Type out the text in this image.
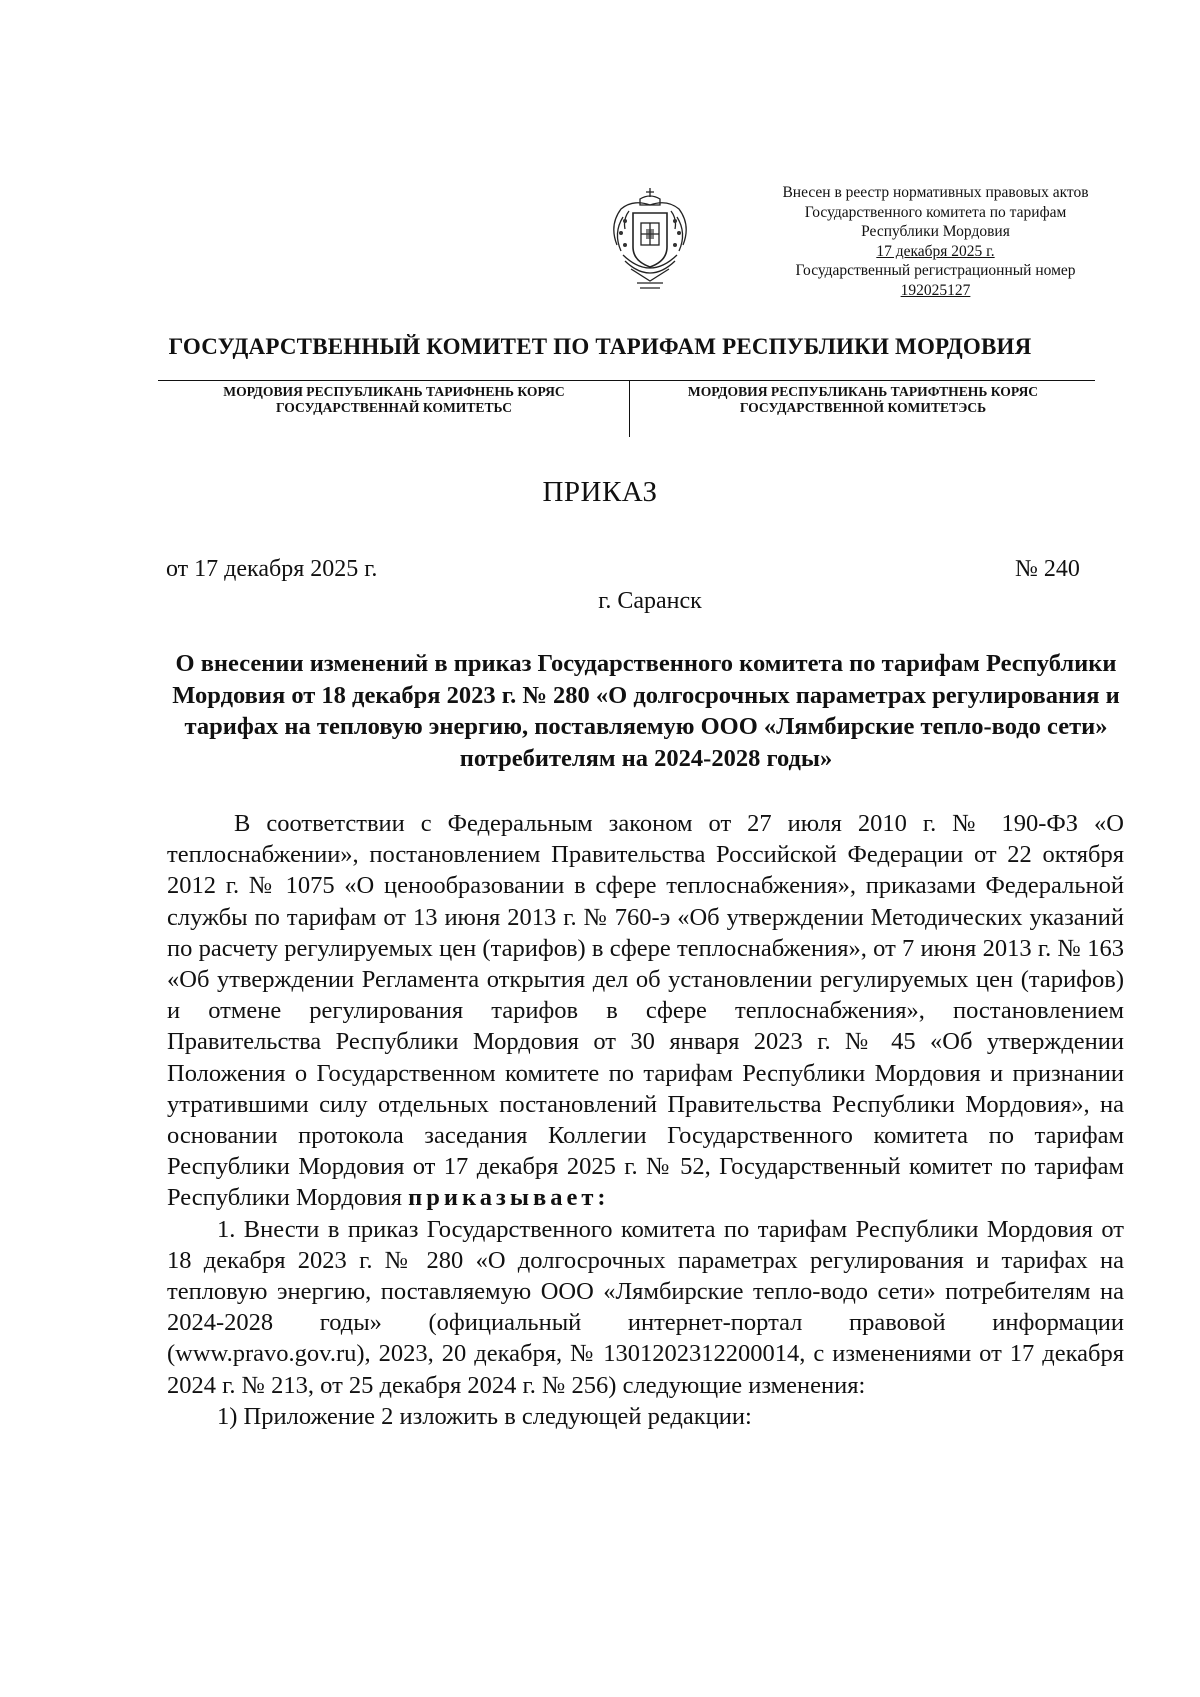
Внесен в реестр нормативных правовых актов
Государственного комитета по тарифам
Республики Мордовия
17 декабря 2025 г.
Государственный регистрационный номер
192025127
ГОСУДАРСТВЕННЫЙ КОМИТЕТ ПО ТАРИФАМ РЕСПУБЛИКИ МОРДОВИЯ
МОРДОВИЯ РЕСПУБЛИКАНЬ ТАРИФНЕНЬ КОРЯС
ГОСУДАРСТВЕННАЙ КОМИТЕТЬС
МОРДОВИЯ РЕСПУБЛИКАНЬ ТАРИФТНЕНЬ КОРЯС
ГОСУДАРСТВЕННОЙ КОМИТЕТЭСЬ
ПРИКАЗ
от 17 декабря 2025 г.	№ 240
г. Саранск
О внесении изменений в приказ Государственного комитета по тарифам Республики Мордовия от 18 декабря 2023 г. № 280 «О долгосрочных параметрах регулирования и тарифах на тепловую энергию, поставляемую ООО «Лямбирские тепло-водо сети» потребителям на 2024-2028 годы»

В соответствии с Федеральным законом от 27 июля 2010 г. № 190-ФЗ «О теплоснабжении», постановлением Правительства Российской Федерации от 22 октября 2012 г. № 1075 «О ценообразовании в сфере теплоснабжения», приказами Федеральной службы по тарифам от 13 июня 2013 г. № 760-э «Об утверждении Методических указаний по расчету регулируемых цен (тарифов) в сфере теплоснабжения», от 7 июня 2013 г. № 163 «Об утверждении Регламента открытия дел об установлении регулируемых цен (тарифов) и отмене регулирования тарифов в сфере теплоснабжения», постановлением Правительства Республики Мордовия от 30 января 2023 г. № 45 «Об утверждении Положения о Государственном комитете по тарифам Республики Мордовия и признании утратившими силу отдельных постановлений Правительства Республики Мордовия», на основании протокола заседания Коллегии Государственного комитета по тарифам Республики Мордовия от 17 декабря 2025 г. № 52, Государственный комитет по тарифам Республики Мордовия приказывает:

1. Внести в приказ Государственного комитета по тарифам Республики Мордовия от 18 декабря 2023 г. № 280 «О долгосрочных параметрах регулирования и тарифах на тепловую энергию, поставляемую ООО «Лямбирские тепло-водо сети» потребителям на 2024-2028 годы» (официальный интернет-портал правовой информации (www.pravo.gov.ru), 2023, 20 декабря, № 1301202312200014, с изменениями от 17 декабря 2024 г. № 213, от 25 декабря 2024 г. № 256) следующие изменения:

1) Приложение 2 изложить в следующей редакции:
